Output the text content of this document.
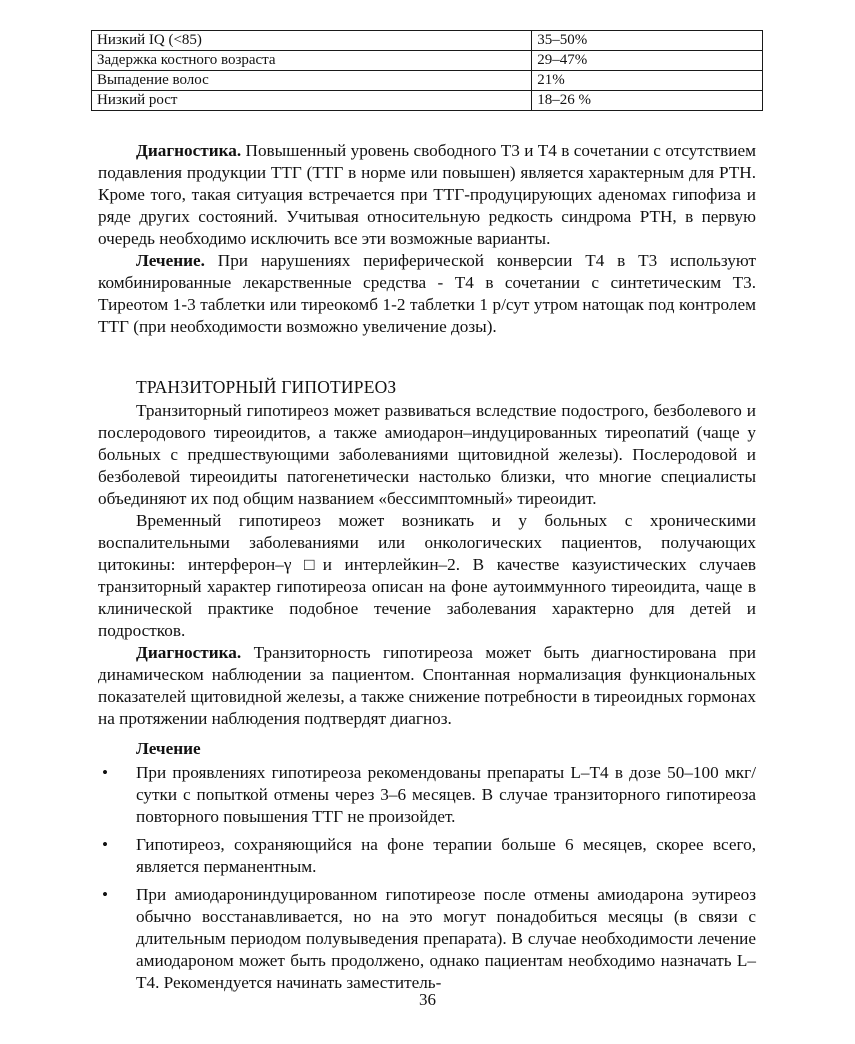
Низкий IQ (<85)	35–50%
Задержка костного возраста	29–47%
Выпадение волос	21%
Низкий рост	18–26 %

Диагностика. Повышенный уровень свободного Т3 и Т4 в сочетании с отсутствием подавления продукции ТТГ (ТТГ в норме или повышен) является характерным для РТН. Кроме того, такая ситуация встречается при ТТГ-продуцирующих аденомах гипофиза и ряде других состояний. Учитывая относительную редкость синдрома РТН, в первую очередь необходимо исключить все эти возможные варианты.

Лечение. При нарушениях периферической конверсии Т4 в Т3 используют комбинированные лекарственные средства - Т4 в сочетании с синтетическим Т3. Тиреотом 1-3 таблетки или тиреокомб 1-2 таблетки 1 р/сут утром натощак под контролем ТТГ (при необходимости возможно увеличение дозы).

ТРАНЗИТОРНЫЙ ГИПОТИРЕОЗ

Транзиторный гипотиреоз может развиваться вследствие подострого, безболевого и послеродового тиреоидитов, а также амиодарон–индуцированных тиреопатий (чаще у больных с предшествующими заболеваниями щитовидной железы). Послеродовой и безболевой тиреоидиты патогенетически настолько близки, что многие специалисты объединяют их под общим названием «бессимптомный» тиреоидит.

Временный гипотиреоз может возникать и у больных с хроническими воспалительными заболеваниями или онкологических пациентов, получающих цитокины: интерферон–γ □и интерлейкин–2. В качестве казуистических случаев транзиторный характер гипотиреоза описан на фоне аутоиммунного тиреоидита, чаще в клинической практике подобное течение заболевания характерно для детей и подростков.

Диагностика. Транзиторность гипотиреоза может быть диагностирована при динамическом наблюдении за пациентом. Спонтанная нормализация функциональных показателей щитовидной железы, а также снижение потребности в тиреоидных гормонах на протяжении наблюдения подтвердят диагноз.

Лечение
• При проявлениях гипотиреоза рекомендованы препараты L–T4 в дозе 50–100 мкг/сутки с попыткой отмены через 3–6 месяцев. В случае транзиторного гипотиреоза повторного повышения ТТГ не произойдет.
• Гипотиреоз, сохраняющийся на фоне терапии больше 6 месяцев, скорее всего, является перманентным.
• При амиодарониндуцированном гипотиреозе после отмены амиодарона эутиреоз обычно восстанавливается, но на это могут понадобиться месяцы (в связи с длительным периодом полувыведения препарата). В случае необходимости лечение амиодароном может быть продолжено, однако пациентам необходимо назначать L–T4. Рекомендуется начинать заместитель-
36
